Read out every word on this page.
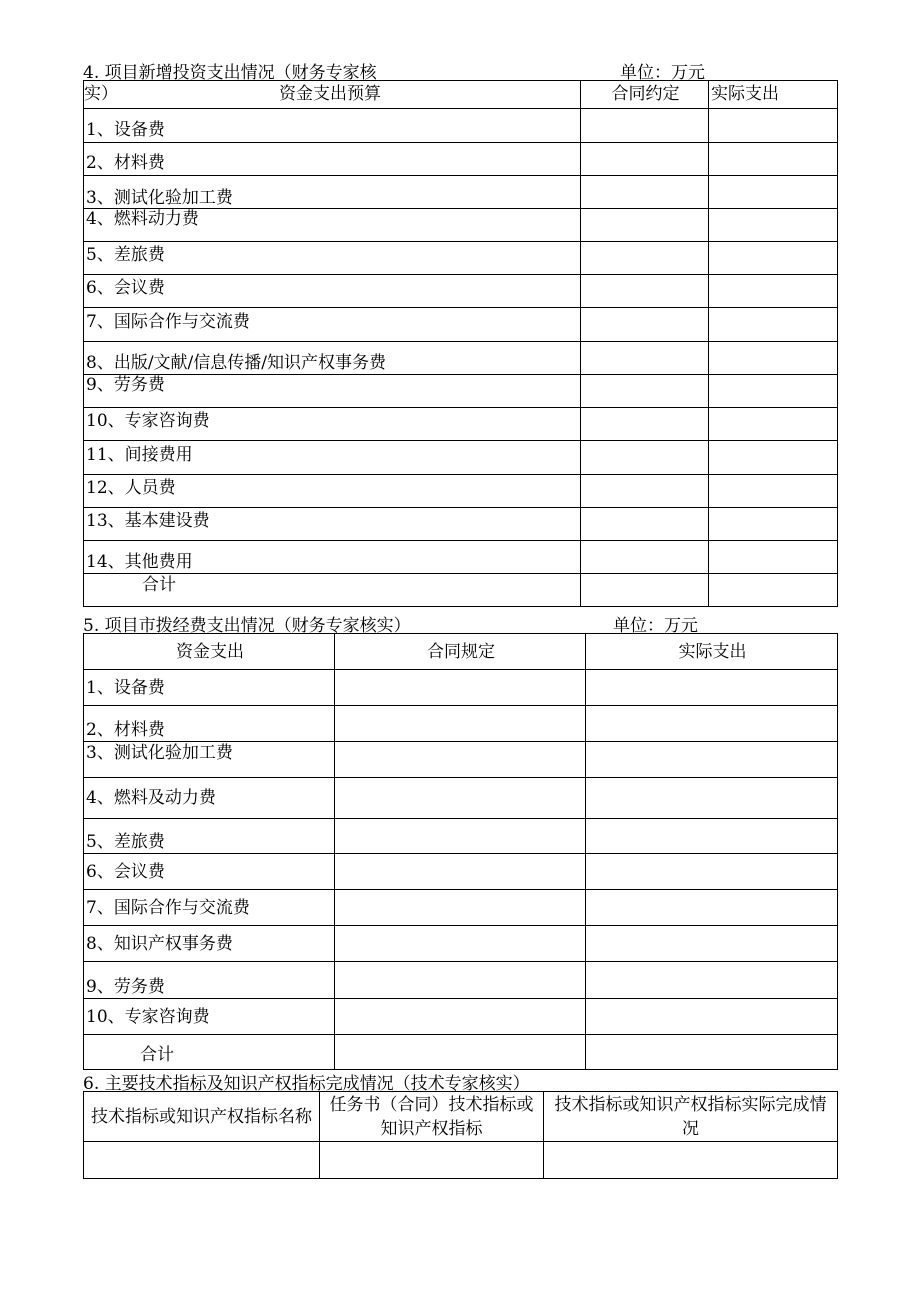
4. 项目新增投资支出情况（财务专家核	单位：万元
实） 资金支出预算	合同约定	实际支出
1、设备费		
2、材料费		
3、测试化验加工费		
4、燃料动力费		
5、差旅费		
6、会议费		
7、国际合作与交流费		
8、出版/文献/信息传播/知识产权事务费		
9、劳务费		
10、专家咨询费		
11、间接费用		
12、人员费		
13、基本建设费		
14、其他费用		
合计		
5. 项目市拨经费支出情况（财务专家核实）	单位：万元
资金支出	合同规定	实际支出
1、设备费		
2、材料费		
3、测试化验加工费		
4、燃料及动力费		
5、差旅费		
6、会议费		
7、国际合作与交流费		
8、知识产权事务费		
9、劳务费		
10、专家咨询费		
合计		
6. 主要技术指标及知识产权指标完成情况（技术专家核实）
技术指标或知识产权指标名称	任务书（合同）技术指标或知识产权指标	技术指标或知识产权指标实际完成情况
